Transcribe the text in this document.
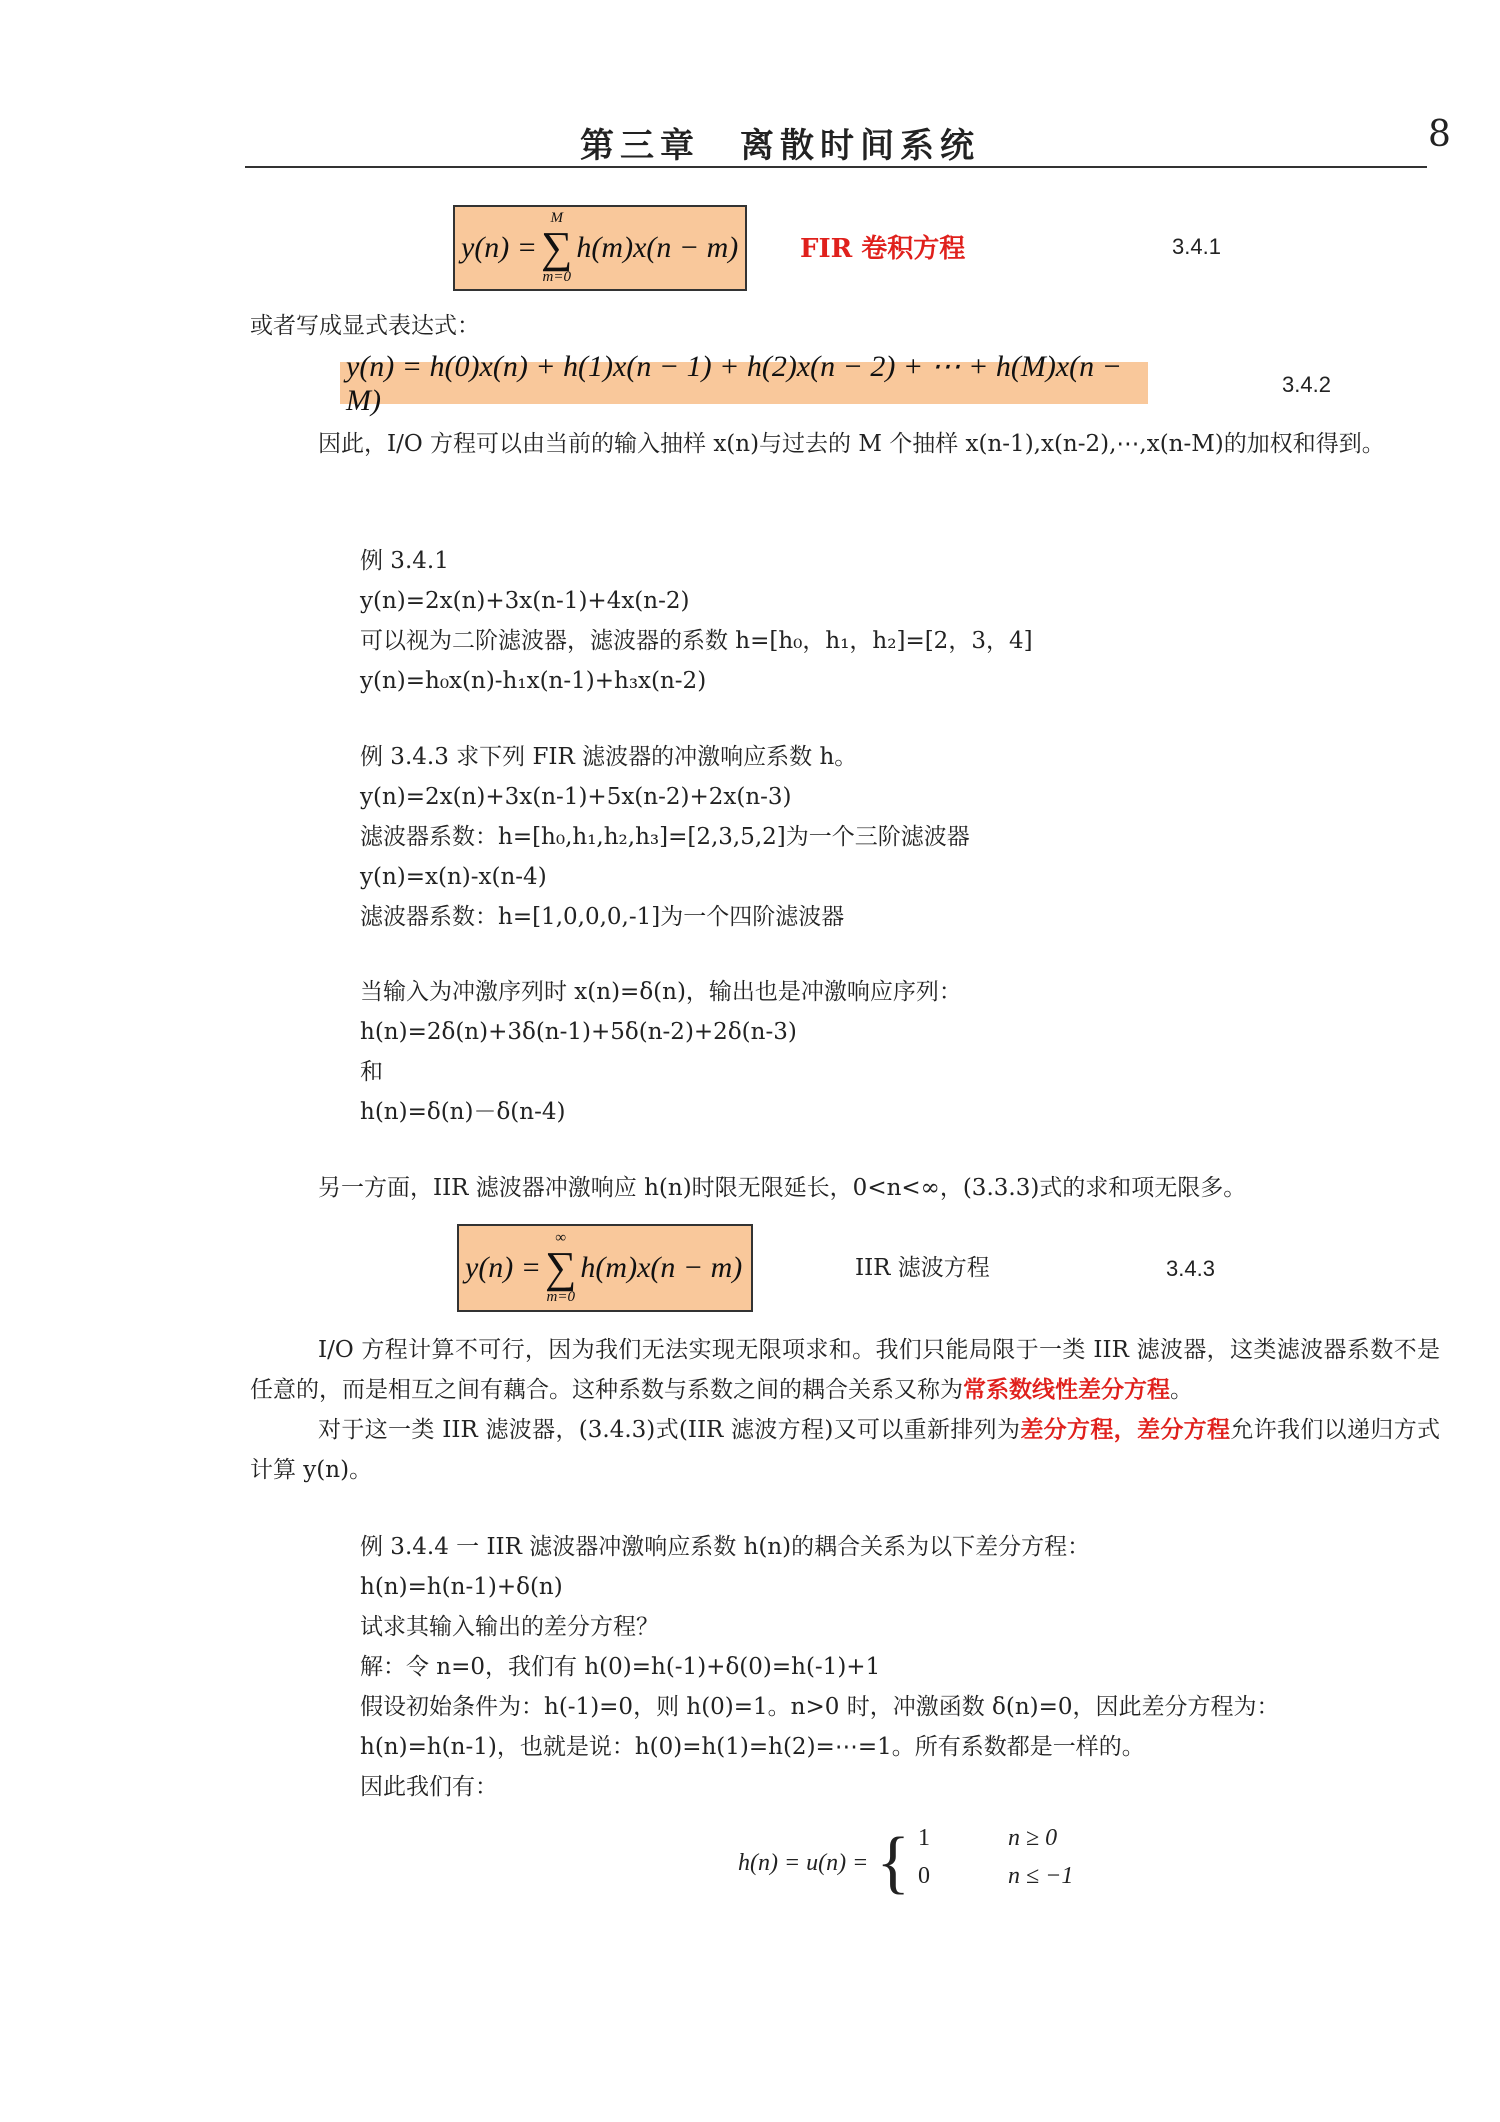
第三章　离散时间系统	8
y(n) =
M
∑
m=0
h(m)x(n − m) FIR 卷积方程	3.4.1
或者写成显式表达式：
y(n) = h(0)x(n) + h(1)x(n − 1) + h(2)x(n − 2) + ⋯ + h(M)x(n − M)	3.4.2
因此，I/O 方程可以由当前的输入抽样 x(n)与过去的 M 个抽样 x(n-1),x(n-2),⋯,x(n-M)的加权和得到。
例 3.4.1
y(n)=2x(n)+3x(n-1)+4x(n-2)
可以视为二阶滤波器，滤波器的系数 h=[h₀，h₁，h₂]=[2，3，4]
y(n)=h₀x(n)-h₁x(n-1)+h₃x(n-2)
例 3.4.3 求下列 FIR 滤波器的冲激响应系数 h。
y(n)=2x(n)+3x(n-1)+5x(n-2)+2x(n-3)
滤波器系数：h=[h₀,h₁,h₂,h₃]=[2,3,5,2]为一个三阶滤波器
y(n)=x(n)-x(n-4)
滤波器系数：h=[1,0,0,0,-1]为一个四阶滤波器
当输入为冲激序列时 x(n)=δ(n)，输出也是冲激响应序列：
h(n)=2δ(n)+3δ(n-1)+5δ(n-2)+2δ(n-3)
和
h(n)=δ(n)－δ(n-4)
另一方面，IIR 滤波器冲激响应 h(n)时限无限延长，0<n<∞，(3.3.3)式的求和项无限多。
y(n) =
∞
∑
m=0
h(m)x(n − m)	IIR 滤波方程	3.4.3
I/O 方程计算不可行，因为我们无法实现无限项求和。我们只能局限于一类 IIR 滤波器，这类滤波器系数不是任意的，而是相互之间有藕合。这种系数与系数之间的耦合关系又称为常系数线性差分方程。
对于这一类 IIR 滤波器，(3.4.3)式(IIR 滤波方程)又可以重新排列为差分方程，差分方程允许我们以递归方式计算 y(n)。
例 3.4.4 一 IIR 滤波器冲激响应系数 h(n)的耦合关系为以下差分方程：
h(n)=h(n-1)+δ(n)
试求其输入输出的差分方程？
解：令 n=0，我们有 h(0)=h(-1)+δ(0)=h(-1)+1
假设初始条件为：h(-1)=0，则 h(0)=1。n>0 时，冲激函数 δ(n)=0，因此差分方程为：
h(n)=h(n-1)，也就是说：h(0)=h(1)=h(2)=⋯=1。所有系数都是一样的。
因此我们有：
h(n) = u(n) = { 1	n ≥ 0
0	n ≤ −1
